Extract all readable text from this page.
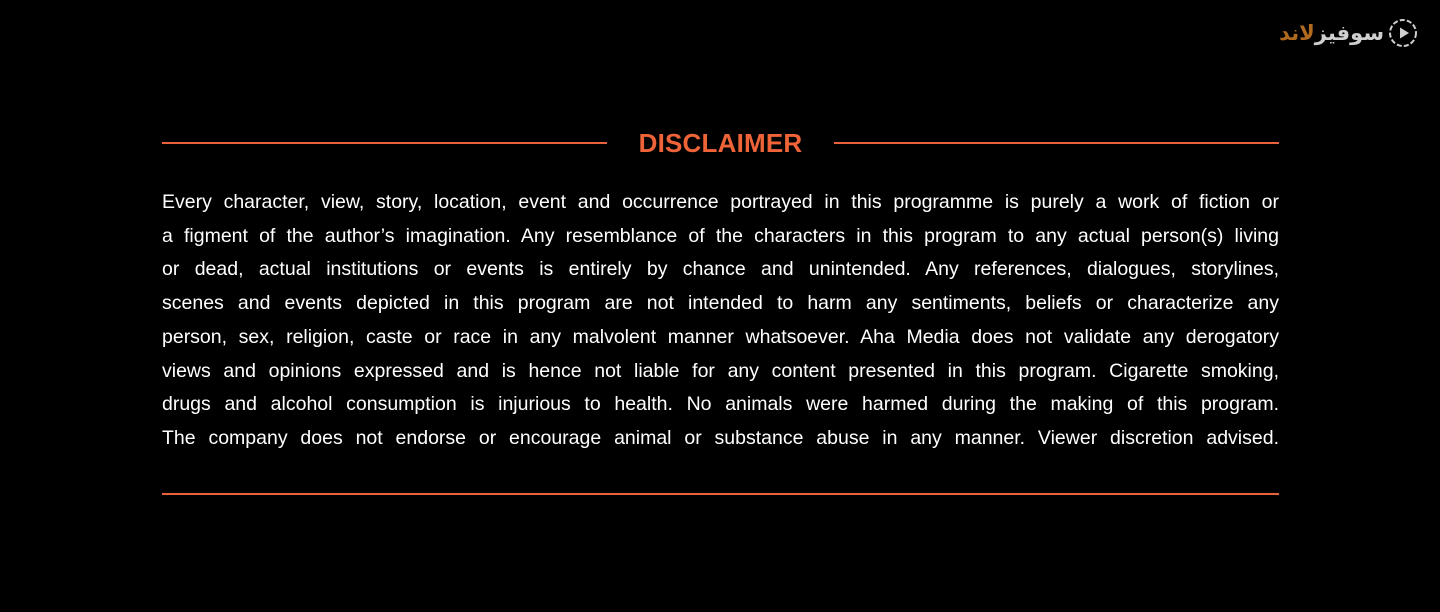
سوفیز
لاند
DISCLAIMER

Every character, view, story, location, event and occurrence portrayed in this programme is purely a work of fiction or
a figment of the author’s imagination. Any resemblance of the characters in this program to any actual person(s) living
or dead, actual institutions or events is entirely by chance and unintended. Any references, dialogues, storylines,
scenes and events depicted in this program are not intended to harm any sentiments, beliefs or characterize any
person, sex, religion, caste or race in any malvolent manner whatsoever. Aha Media does not validate any derogatory
views and opinions expressed and is hence not liable for any content presented in this program. Cigarette smoking,
drugs and alcohol consumption is injurious to health. No animals were harmed during the making of this program.
The company does not endorse or encourage animal or substance abuse in any manner. Viewer discretion advised.
